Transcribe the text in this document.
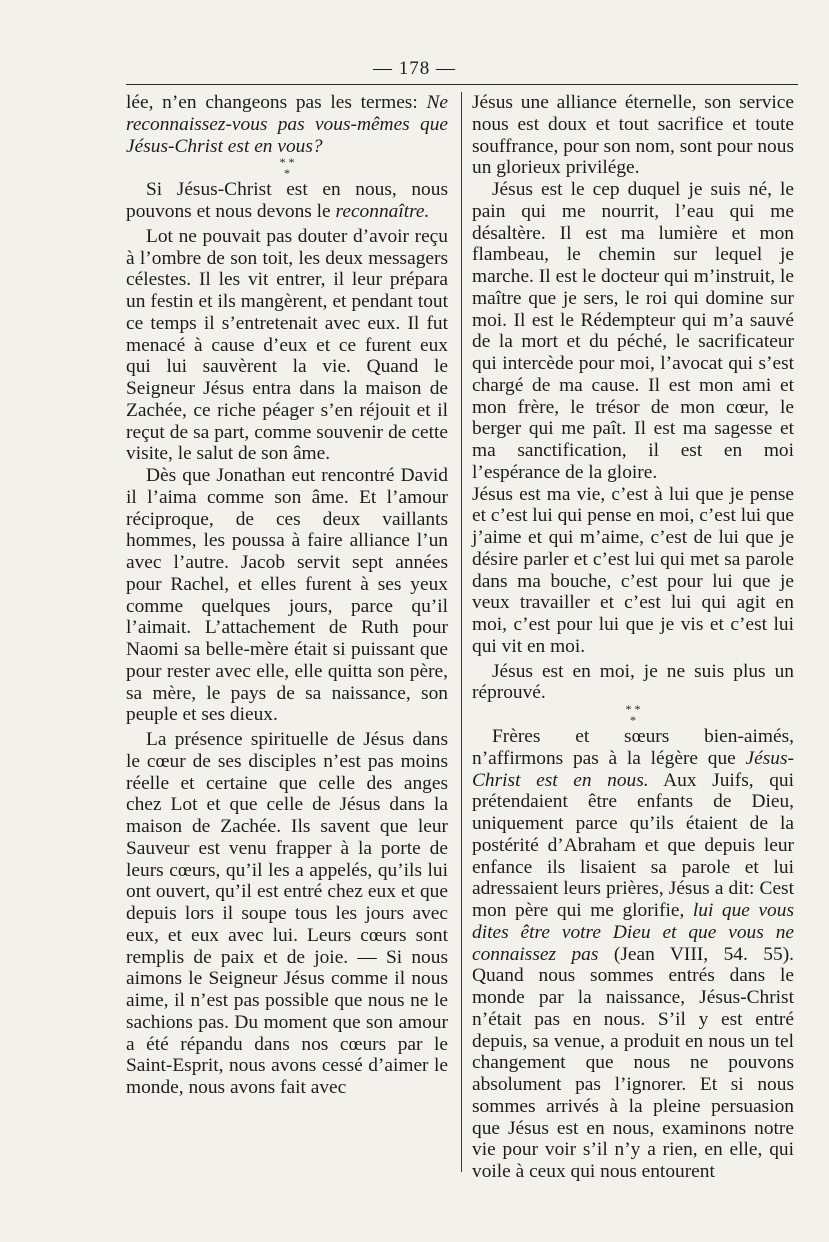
— 178 —

lée, n’en changeons pas les termes: Ne reconnaissez-vous pas vous-mêmes que Jésus-Christ est en vous?

* *
*

Si Jésus-Christ est en nous, nous pouvons et nous devons le reconnaître.

Lot ne pouvait pas douter d’avoir reçu à l’ombre de son toit, les deux messagers célestes. Il les vit entrer, il leur prépara un festin et ils mangèrent, et pendant tout ce temps il s’entretenait avec eux. Il fut menacé à cause d’eux et ce furent eux qui lui sauvèrent la vie. Quand le Seigneur Jésus entra dans la maison de Zachée, ce riche péager s’en réjouit et il reçut de sa part, comme souvenir de cette visite, le salut de son âme.

Dès que Jonathan eut rencontré David il l’aima comme son âme. Et l’amour réciproque, de ces deux vaillants hommes, les poussa à faire alliance l’un avec l’autre. Jacob servit sept années pour Rachel, et elles furent à ses yeux comme quelques jours, parce qu’il l’aimait. L’attachement de Ruth pour Naomi sa belle-mère était si puissant que pour rester avec elle, elle quitta son père, sa mère, le pays de sa naissance, son peuple et ses dieux.

La présence spirituelle de Jésus dans le cœur de ses disciples n’est pas moins réelle et certaine que celle des anges chez Lot et que celle de Jésus dans la maison de Zachée. Ils savent que leur Sauveur est venu frapper à la porte de leurs cœurs, qu’il les a appelés, qu’ils lui ont ouvert, qu’il est entré chez eux et que depuis lors il soupe tous les jours avec eux, et eux avec lui. Leurs cœurs sont remplis de paix et de joie. — Si nous aimons le Seigneur Jésus comme il nous aime, il n’est pas possible que nous ne le sachions pas. Du moment que son amour a été répandu dans nos cœurs par le Saint-Esprit, nous avons cessé d’aimer le monde, nous avons fait avec

Jésus une alliance éternelle, son service nous est doux et tout sacrifice et toute souffrance, pour son nom, sont pour nous un glorieux privilége.

Jésus est le cep duquel je suis né, le pain qui me nourrit, l’eau qui me désaltère. Il est ma lumière et mon flambeau, le chemin sur lequel je marche. Il est le docteur qui m’instruit, le maître que je sers, le roi qui domine sur moi. Il est le Rédempteur qui m’a sauvé de la mort et du péché, le sacrificateur qui intercède pour moi, l’avocat qui s’est chargé de ma cause. Il est mon ami et mon frère, le trésor de mon cœur, le berger qui me paît. Il est ma sagesse et ma sanctification, il est en moi l’espérance de la gloire.

Jésus est ma vie, c’est à lui que je pense et c’est lui qui pense en moi, c’est lui que j’aime et qui m’aime, c’est de lui que je désire parler et c’est lui qui met sa parole dans ma bouche, c’est pour lui que je veux travailler et c’est lui qui agit en moi, c’est pour lui que je vis et c’est lui qui vit en moi.

Jésus est en moi, je ne suis plus un réprouvé.

* *
*

Frères et sœurs bien-aimés, n’affirmons pas à la légère que Jésus-Christ est en nous. Aux Juifs, qui prétendaient être enfants de Dieu, uniquement parce qu’ils étaient de la postérité d’Abraham et que depuis leur enfance ils lisaient sa parole et lui adressaient leurs prières, Jésus a dit: Cest mon père qui me glorifie, lui que vous dites être votre Dieu et que vous ne connaissez pas (Jean VIII, 54. 55). Quand nous sommes entrés dans le monde par la naissance, Jésus-Christ n’était pas en nous. S’il y est entré depuis, sa venue, a produit en nous un tel changement que nous ne pouvons absolument pas l’ignorer. Et si nous sommes arrivés à la pleine persuasion que Jésus est en nous, examinons notre vie pour voir s’il n’y a rien, en elle, qui voile à ceux qui nous entourent
